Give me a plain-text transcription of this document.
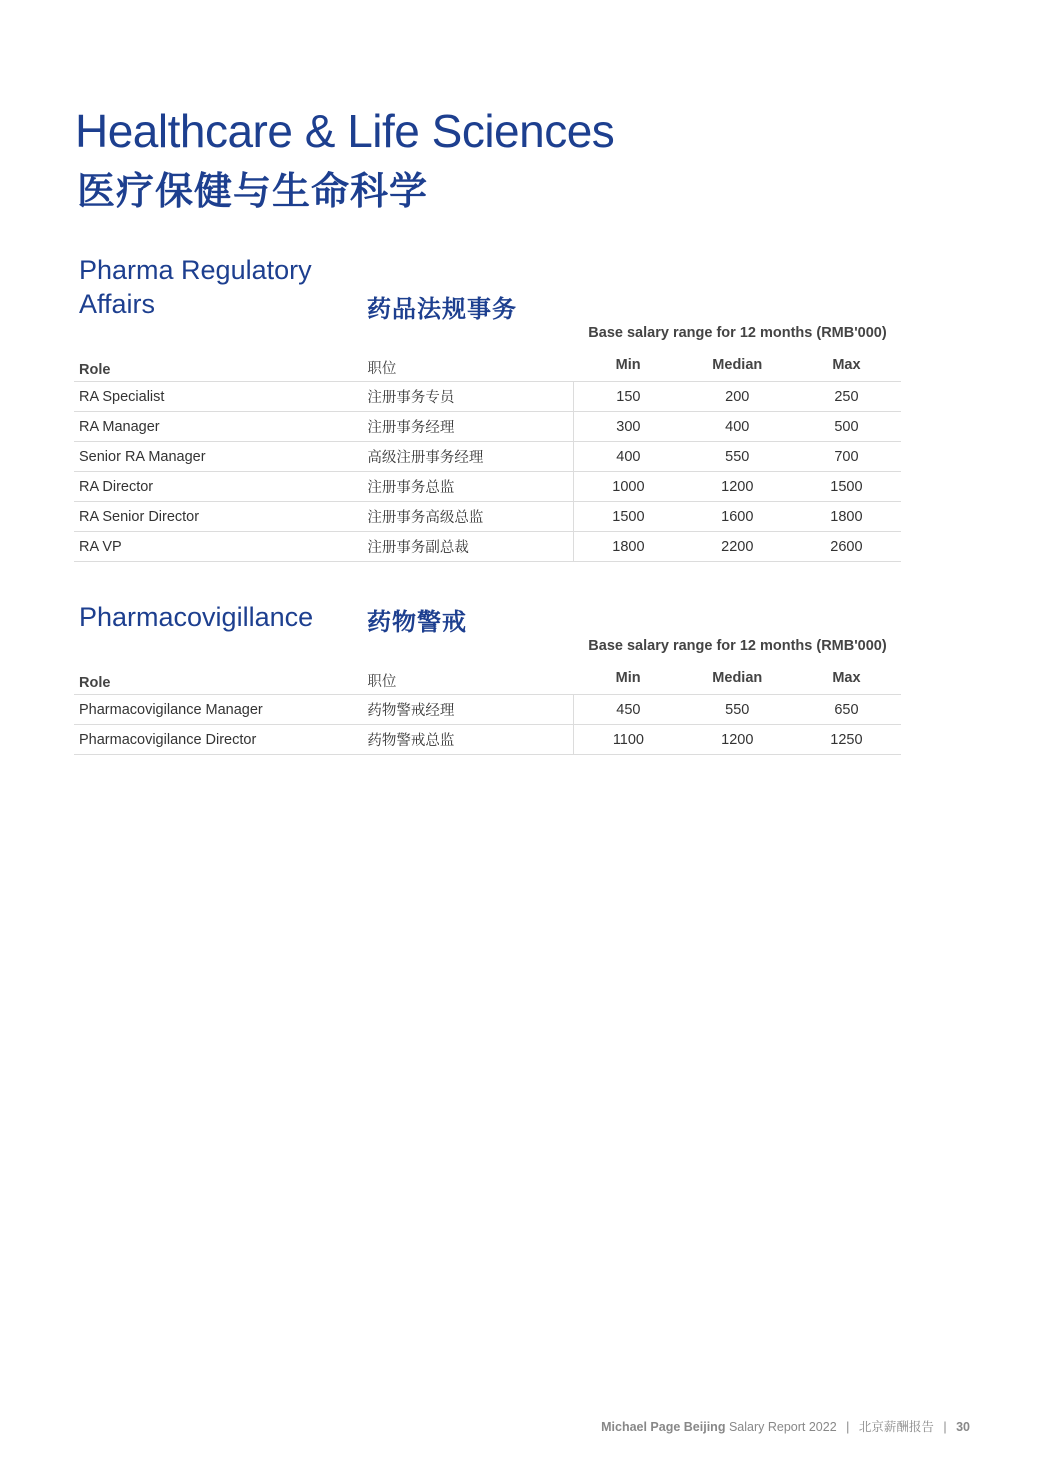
Healthcare & Life Sciences
医疗保健与生命科学
Pharma Regulatory Affairs	药品法规事务
Base salary range for 12 months (RMB'000)
Role	职位	Min	Median	Max
RA Specialist	注册事务专员	150	200	250
RA Manager	注册事务经理	300	400	500
Senior RA Manager	高级注册事务经理	400	550	700
RA Director	注册事务总监	1000	1200	1500
RA Senior Director	注册事务高级总监	1500	1600	1800
RA VP	注册事务副总裁	1800	2200	2600
Pharmacovigillance	药物警戒
Base salary range for 12 months (RMB'000)
Role	职位	Min	Median	Max
Pharmacovigilance Manager	药物警戒经理	450	550	650
Pharmacovigilance Director	药物警戒总监	1100	1200	1250
Michael Page Beijing Salary Report 2022 | 北京薪酬报告 | 30
